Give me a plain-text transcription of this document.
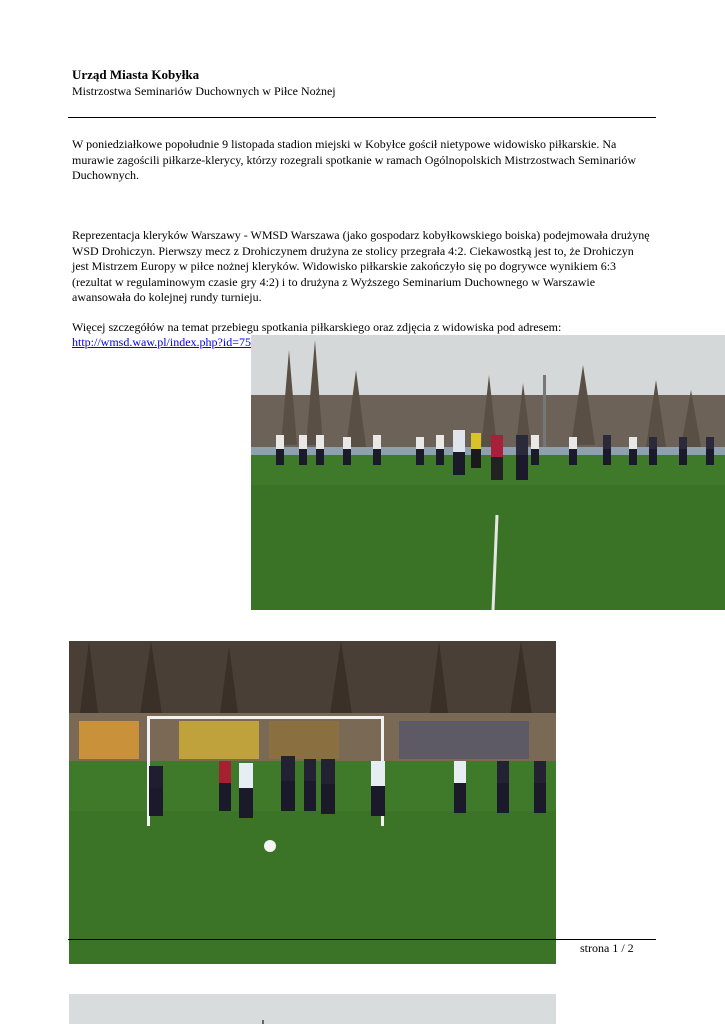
Urząd Miasta Kobyłka
Mistrzostwa Seminariów Duchownych w Piłce Nożnej

W poniedziałkowe popołudnie 9 listopada stadion miejski w Kobyłce gościł nietypowe widowisko piłkarskie. Na murawie zagościli piłkarze-klerycy, którzy rozegrali spotkanie w ramach Ogólnopolskich Mistrzostwach Seminariów Duchownych.

Reprezentacja kleryków Warszawy - WMSD Warszawa (jako gospodarz kobyłkowskiego boiska) podejmowała drużynę WSD Drohiczyn. Pierwszy mecz z Drohiczynem drużyna ze stolicy przegrała 4:2. Ciekawostką jest to, że Drohiczyn jest Mistrzem Europy w piłce nożnej kleryków. Widowisko piłkarskie zakończyło się po dogrywce wynikiem 6:3 (rezultat w regulaminowym czasie gry 4:2) i to drużyna z Wyższego Seminarium Duchownego w Warszawie awansowała do kolejnej rundy turnieju.

Więcej szczegółów na temat przebiegu spotkania piłkarskiego oraz zdjęcia z widowiska pod adresem:

http://wmsd.waw.pl/index.php?id=75
strona 1 / 2
